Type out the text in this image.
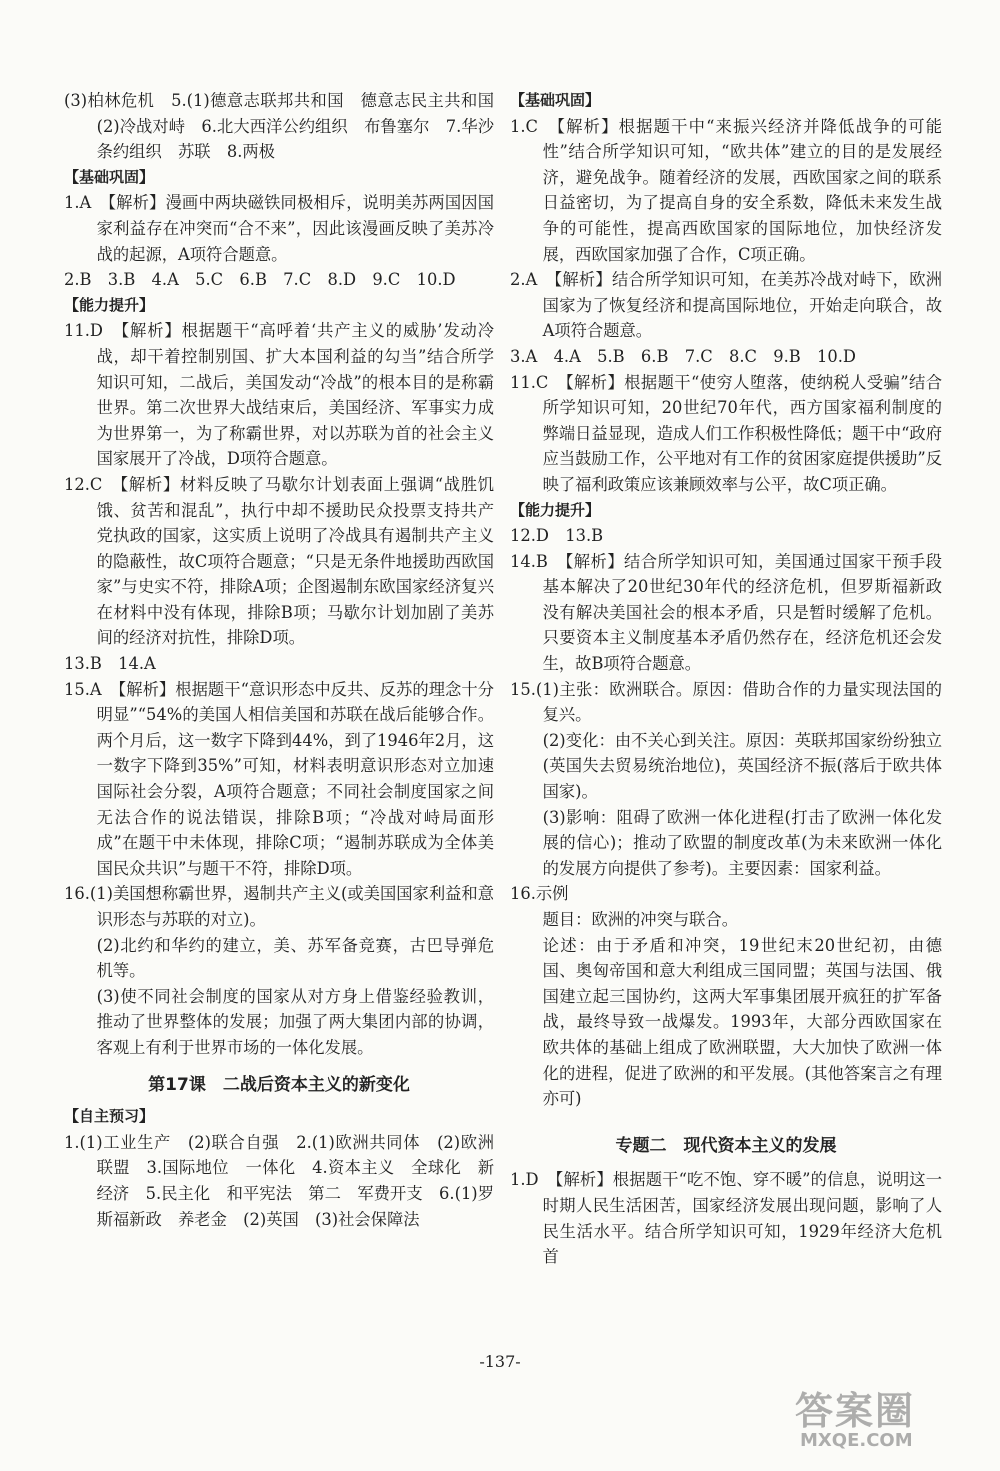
(3)柏林危机　5.(1)德意志联邦共和国　德意志民主共和国　(2)冷战对峙　6.北大西洋公约组织　布鲁塞尔　7.华沙条约组织　苏联　8.两极

【基础巩固】

1.A　【解析】漫画中两块磁铁同极相斥，说明美苏两国因国家利益存在冲突而“合不来”，因此该漫画反映了美苏冷战的起源，A项符合题意。

2.B　3.B　4.A　5.C　6.B　7.C　8.D　9.C　10.D

【能力提升】

11.D　【解析】根据题干“高呼着‘共产主义的威胁’发动冷战，却干着控制别国、扩大本国利益的勾当”结合所学知识可知，二战后，美国发动“冷战”的根本目的是称霸世界。第二次世界大战结束后，美国经济、军事实力成为世界第一，为了称霸世界，对以苏联为首的社会主义国家展开了冷战，D项符合题意。

12.C　【解析】材料反映了马歇尔计划表面上强调“战胜饥饿、贫苦和混乱”，执行中却不援助民众投票支持共产党执政的国家，这实质上说明了冷战具有遏制共产主义的隐蔽性，故C项符合题意；“只是无条件地援助西欧国家”与史实不符，排除A项；企图遏制东欧国家经济复兴在材料中没有体现，排除B项；马歇尔计划加剧了美苏间的经济对抗性，排除D项。

13.B　14.A

15.A　【解析】根据题干“意识形态中反共、反苏的理念十分明显”“54%的美国人相信美国和苏联在战后能够合作。两个月后，这一数字下降到44%，到了1946年2月，这一数字下降到35%”可知，材料表明意识形态对立加速国际社会分裂，A项符合题意；不同社会制度国家之间无法合作的说法错误，排除B项；“冷战对峙局面形成”在题干中未体现，排除C项；“遏制苏联成为全体美国民众共识”与题干不符，排除D项。

16.(1)美国想称霸世界，遏制共产主义(或美国国家利益和意识形态与苏联的对立)。

(2)北约和华约的建立，美、苏军备竞赛，古巴导弹危机等。

(3)使不同社会制度的国家从对方身上借鉴经验教训，推动了世界整体的发展；加强了两大集团内部的协调，客观上有利于世界市场的一体化发展。

第17课　二战后资本主义的新变化

【自主预习】

1.(1)工业生产　(2)联合自强　2.(1)欧洲共同体　(2)欧洲联盟　3.国际地位　一体化　4.资本主义　全球化　新经济　5.民主化　和平宪法　第二　军费开支　6.(1)罗斯福新政　养老金　(2)英国　(3)社会保障法

【基础巩固】

1.C　【解析】根据题干中“来振兴经济并降低战争的可能性”结合所学知识可知，“欧共体”建立的目的是发展经济，避免战争。随着经济的发展，西欧国家之间的联系日益密切，为了提高自身的安全系数，降低未来发生战争的可能性，提高西欧国家的国际地位，加快经济发展，西欧国家加强了合作，C项正确。

2.A　【解析】结合所学知识可知，在美苏冷战对峙下，欧洲国家为了恢复经济和提高国际地位，开始走向联合，故A项符合题意。

3.A　4.A　5.B　6.B　7.C　8.C　9.B　10.D

11.C　【解析】根据题干“使穷人堕落，使纳税人受骗”结合所学知识可知，20世纪70年代，西方国家福利制度的弊端日益显现，造成人们工作积极性降低；题干中“政府应当鼓励工作，公平地对有工作的贫困家庭提供援助”反映了福利政策应该兼顾效率与公平，故C项正确。

【能力提升】

12.D　13.B

14.B　【解析】结合所学知识可知，美国通过国家干预手段基本解决了20世纪30年代的经济危机，但罗斯福新政没有解决美国社会的根本矛盾，只是暂时缓解了危机。只要资本主义制度基本矛盾仍然存在，经济危机还会发生，故B项符合题意。

15.(1)主张：欧洲联合。原因：借助合作的力量实现法国的复兴。

(2)变化：由不关心到关注。原因：英联邦国家纷纷独立(英国失去贸易统治地位)，英国经济不振(落后于欧共体国家)。

(3)影响：阻碍了欧洲一体化进程(打击了欧洲一体化发展的信心)；推动了欧盟的制度改革(为未来欧洲一体化的发展方向提供了参考)。主要因素：国家利益。

16.示例

题目：欧洲的冲突与联合。

论述：由于矛盾和冲突，19世纪末20世纪初，由德国、奥匈帝国和意大利组成三国同盟；英国与法国、俄国建立起三国协约，这两大军事集团展开疯狂的扩军备战，最终导致一战爆发。1993年，大部分西欧国家在欧共体的基础上组成了欧洲联盟，大大加快了欧洲一体化的进程，促进了欧洲的和平发展。(其他答案言之有理亦可)

专题二　现代资本主义的发展

1.D　【解析】根据题干“吃不饱、穿不暖”的信息，说明这一时期人民生活困苦，国家经济发展出现问题，影响了人民生活水平。结合所学知识可知，1929年经济大危机首

-137-
答案圈
MXQE.COM
